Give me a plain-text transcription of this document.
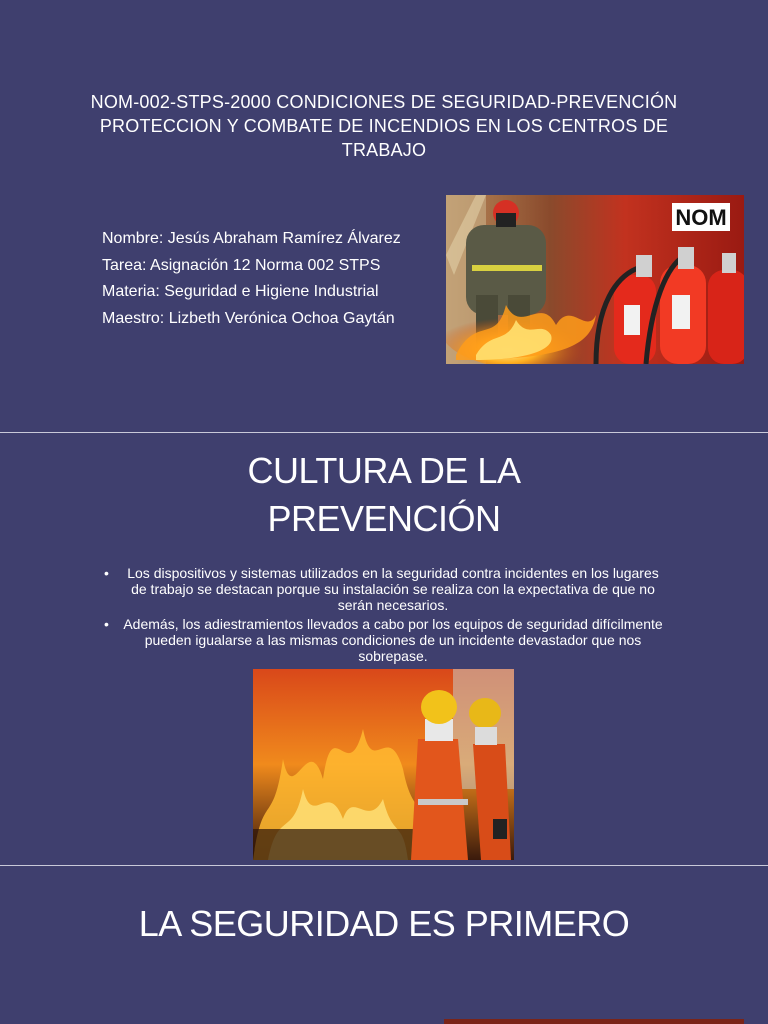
NOM-002-STPS-2000 CONDICIONES DE SEGURIDAD-PREVENCIÓN PROTECCION Y COMBATE DE INCENDIOS EN LOS CENTROS DE TRABAJO
Nombre: Jesús Abraham Ramírez Álvarez
Tarea: Asignación 12 Norma 002 STPS
Materia: Seguridad e Higiene Industrial
Maestro: Lizbeth Verónica Ochoa Gaytán
NOM
CULTURA DE LA
PREVENCIÓN
• Los dispositivos y sistemas utilizados en la seguridad contra incidentes en los lugares de trabajo se destacan porque su instalación se realiza con la expectativa de que no serán necesarios.
• Además, los adiestramientos llevados a cabo por los equipos de seguridad difícilmente pueden igualarse a las mismas condiciones de un incidente devastador que nos sobrepase.
LA SEGURIDAD ES PRIMERO
